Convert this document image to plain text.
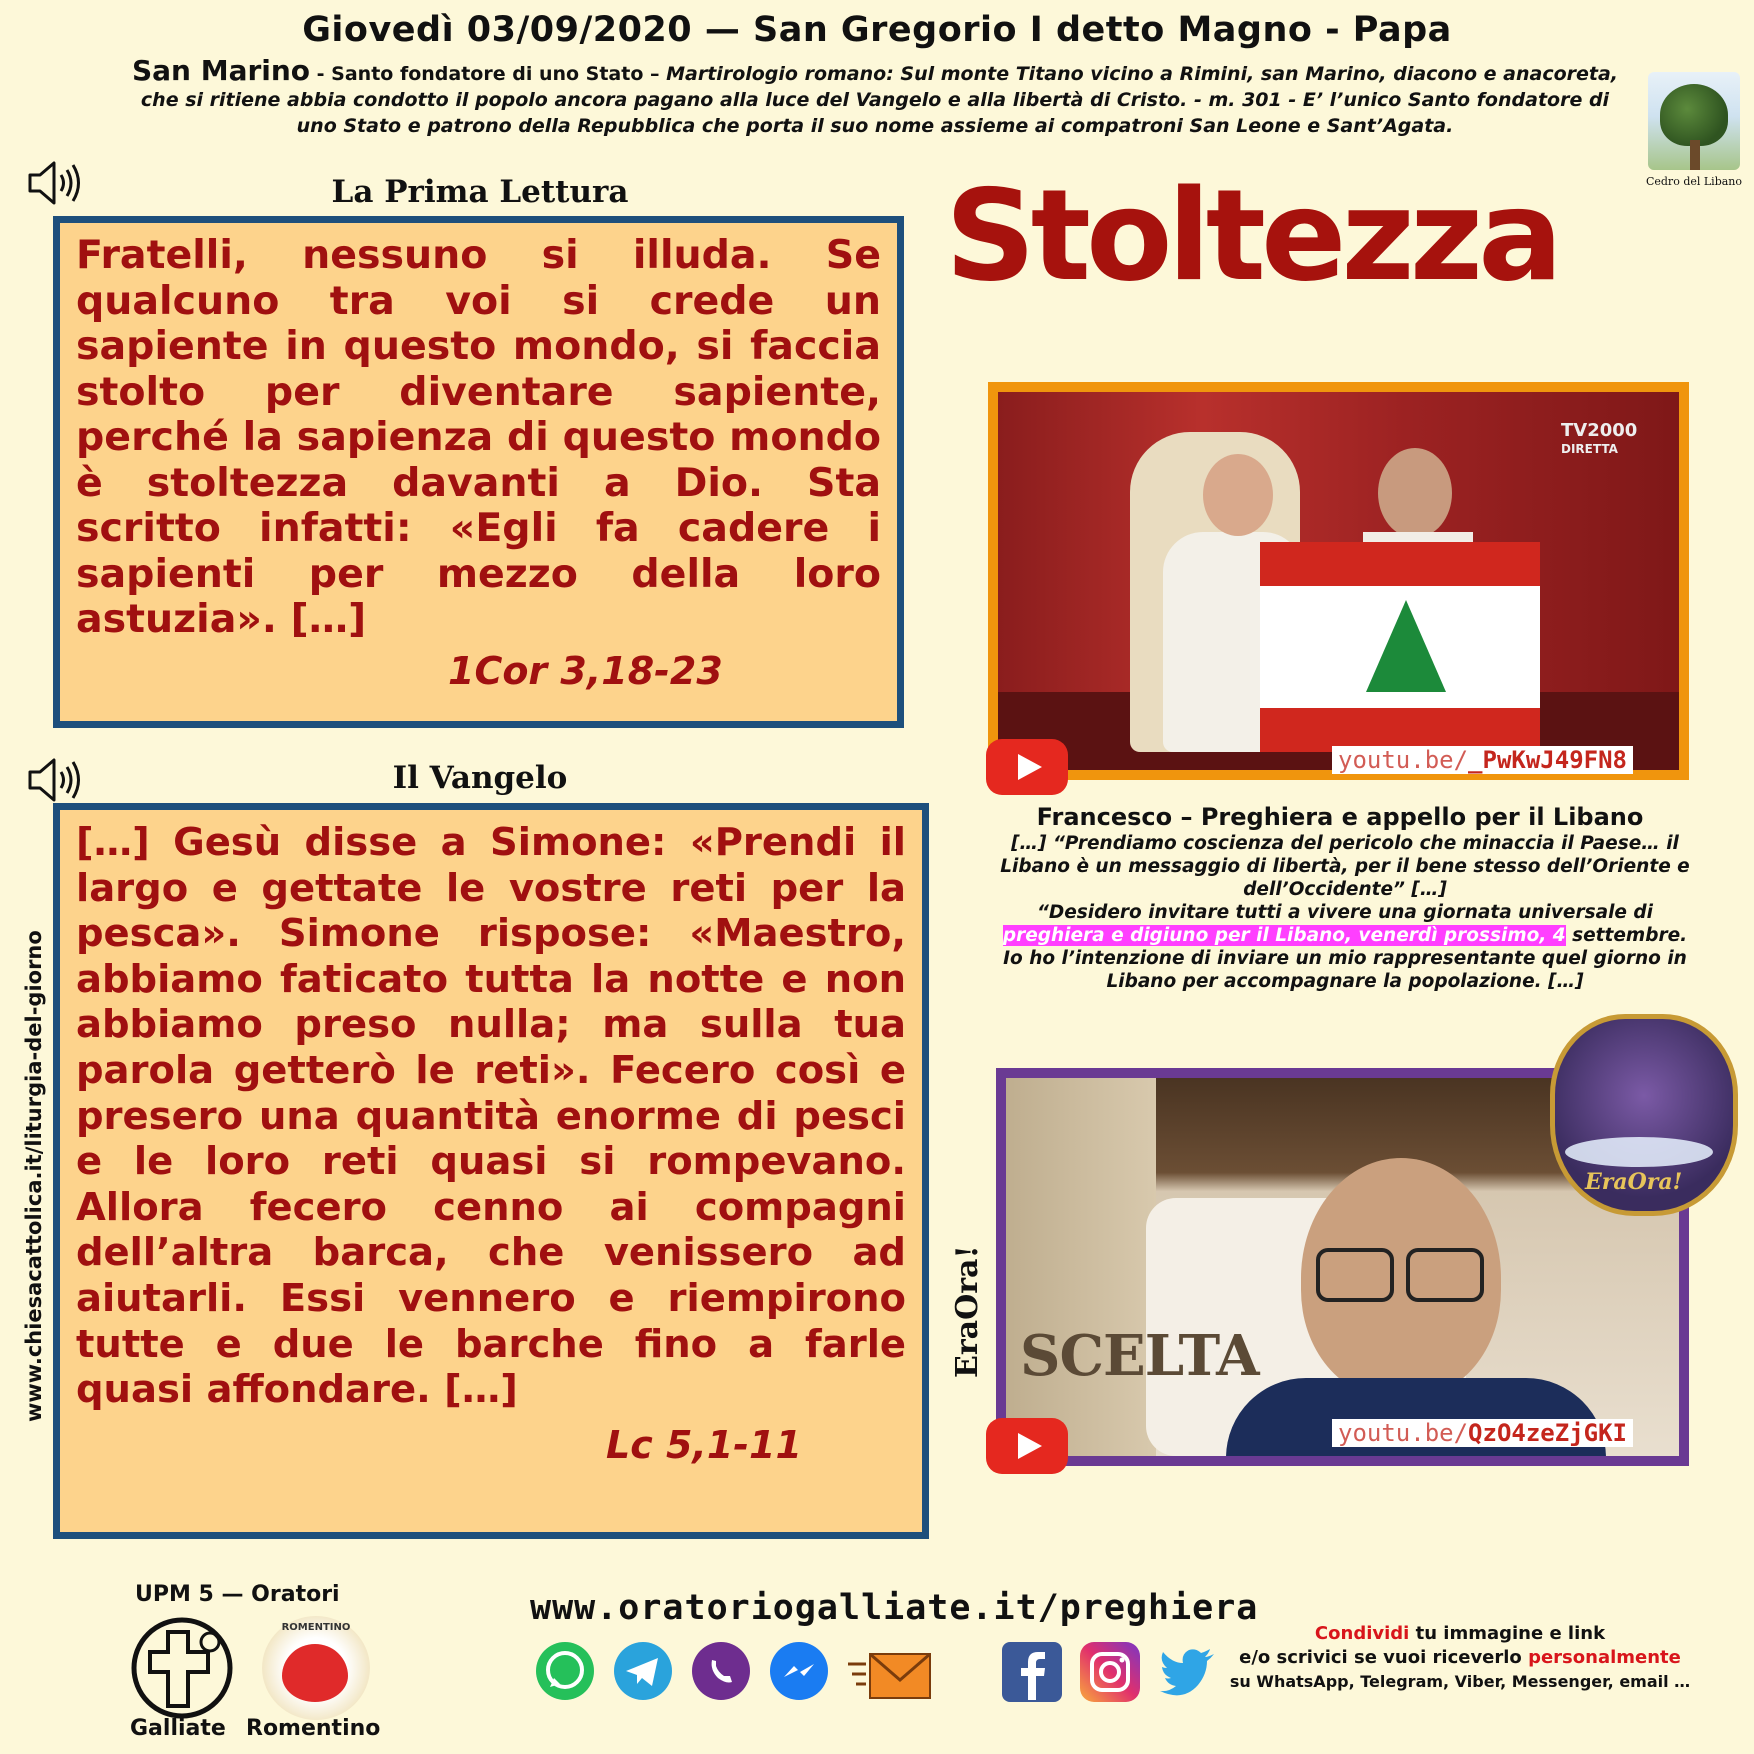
Giovedì 03/09/2020 — San Gregorio I detto Magno - Papa
San Marino - Santo fondatore di uno Stato – Martirologio romano: Sul monte Titano vicino a Rimini, san Marino, diacono e anacoreta, che si ritiene abbia condotto il popolo ancora pagano alla luce del Vangelo e alla libertà di Cristo. - m. 301 - E’ l’unico Santo fondatore di uno Stato e patrono della Repubblica che porta il suo nome assieme ai compatroni San Leone e Sant’Agata.
Cedro del Libano
La Prima Lettura

Fratelli, nessuno si illuda. Se qualcuno tra voi si crede un sapiente in questo mondo, si faccia stolto per diventare sapiente, perché la sapienza di questo mondo è stoltezza davanti a Dio. Sta scritto infatti: «Egli fa cadere i sapienti per mezzo della loro astuzia». […]

1Cor 3,18-23
Il Vangelo

[…] Gesù disse a Simone: «Prendi il largo e gettate le vostre reti per la pesca». Simone rispose: «Maestro, abbiamo faticato tutta la notte e non abbiamo preso nulla; ma sulla tua parola getterò le reti». Fecero così e presero una quantità enorme di pesci e le loro reti quasi si rompevano. Allora fecero cenno ai compagni dell’altra barca, che venissero ad aiutarli. Essi vennero e riempirono tutte e due le barche fino a farle quasi affondare. […]

Lc 5,1-11
www.chiesacattolica.it/liturgia-del-giorno
Stoltezza
TV2000
DIRETTA
youtu.be/_PwKwJ49FN8
Francesco – Preghiera e appello per il Libano
[…] “Prendiamo coscienza del pericolo che minaccia il Paese… il Libano è un messaggio di libertà, per il bene stesso dell’Oriente e dell’Occidente” […]
“Desidero invitare tutti a vivere una giornata universale di preghiera e digiuno per il Libano, venerdì prossimo, 4 settembre. Io ho l’intenzione di inviare un mio rappresentante quel giorno in Libano per accompagnare la popolazione. […]
EraOra! SCELTA
youtu.be/QzO4zeZjGKI
EraOra!
UPM 5 — Oratori
Galliate
ROMENTINO
Romentino
www.oratoriogalliate.it/preghiera
Condividi tu immagine e link
e/o scrivici se vuoi riceverlo personalmente
su WhatsApp, Telegram, Viber, Messenger, email …
